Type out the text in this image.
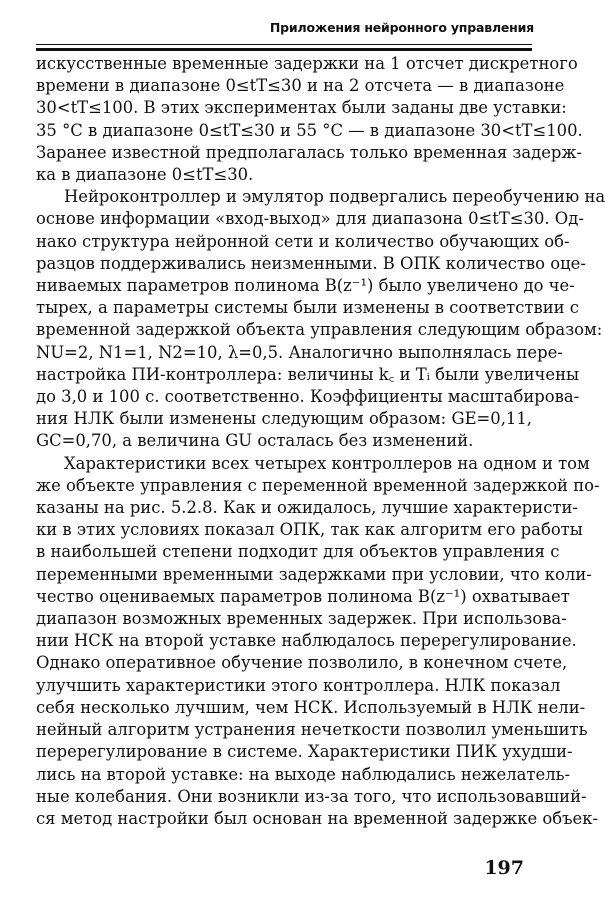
Приложения нейронного управления
искусственные временные задержки на 1 отсчет дискретного
времени в диапазоне 0≤tT≤30 и на 2 отсчета — в диапазоне
30<tT≤100. В этих экспериментах были заданы две уставки:
35 °С в диапазоне 0≤tT≤30 и 55 °С — в диапазоне 30<tT≤100.
Заранее известной предполагалась только временная задерж-
ка в диапазоне 0≤tT≤30.
Нейроконтроллер и эмулятор подвергались переобучению на
основе информации «вход-выход» для диапазона 0≤tT≤30. Од-
нако структура нейронной сети и количество обучающих об-
разцов поддерживались неизменными. В ОПК количество оце-
ниваемых параметров полинома B(z⁻¹) было увеличено до че-
тырех, а параметры системы были изменены в соответствии с
временной задержкой объекта управления следующим образом:
NU=2, N1=1, N2=10, λ=0,5. Аналогично выполнялась пере-
настройка ПИ-контроллера: величины k꜀ и Tᵢ были увеличены
до 3,0 и 100 с. соответственно. Коэффициенты масштабирова-
ния НЛК были изменены следующим образом: GE=0,11,
GC=0,70, а величина GU осталась без изменений.
Характеристики всех четырех контроллеров на одном и том
же объекте управления с переменной временной задержкой по-
казаны на рис. 5.2.8. Как и ожидалось, лучшие характеристи-
ки в этих условиях показал ОПК, так как алгоритм его работы
в наибольшей степени подходит для объектов управления с
переменными временными задержками при условии, что коли-
чество оцениваемых параметров полинома B(z⁻¹) охватывает
диапазон возможных временных задержек. При использова-
нии НСК на второй уставке наблюдалось перерегулирование.
Однако оперативное обучение позволило, в конечном счете,
улучшить характеристики этого контроллера. НЛК показал
себя несколько лучшим, чем НСК. Используемый в НЛК нели-
нейный алгоритм устранения нечеткости позволил уменьшить
перерегулирование в системе. Характеристики ПИК ухудши-
лись на второй уставке: на выходе наблюдались нежелатель-
ные колебания. Они возникли из-за того, что использовавший-
ся метод настройки был основан на временной задержке объек-
197
